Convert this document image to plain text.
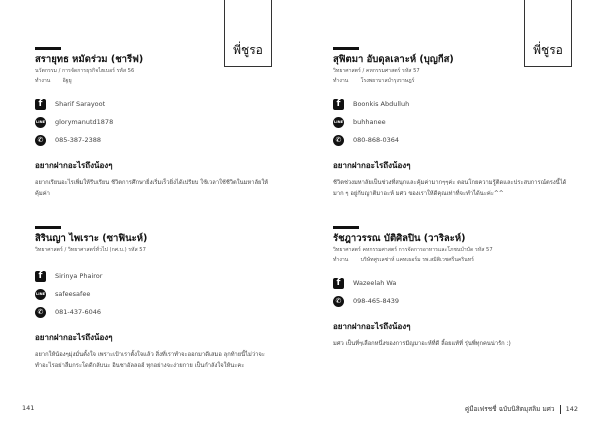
พี่ชูรอ
สรายุทธ หมัดร่วม (ชารีฟ)
นวัตกรรม / การจัดการธุรกิจไฮเบอร์ รหัส 56
ทำงาน อิฐยู
f	Sharif Sarayoot
LINE glorymanutd1878
✆	085-387-2388
อยากฝากอะไรถึงน้องๆ
อยากเรียนอะไรเพิ่มให้รีบเรียน ชีวิตการศึกษายิ่งเริ่มเร็วยิ่งได้เปรียบ ใช้เวลาใช้ชีวิตในมหาลัยให้คุ้มค่า
สิรินญา ไพเราะ (ซาฟินะห์)
วิทยาศาสตร์ / วิทยาศาสตร์ทั่วไป (กศ.บ.) รหัส 57
f	Sirinya Phairor
LINE safeesafee
✆	081-437-6046
อยากฝากอะไรถึงน้องๆ
อยากให้น้องๆมุ่งมั่นตั้งใจ เพราะเป้าเราตั้งใจแล้ว สิ่งที่เราทำจะออกมาดีเสมอ ลุกท้ายนี้ไม่ว่าจะทำอะไรอย่าลืมกระโดดีกลับนะ อินชาอัลลอฮ์ ทุกอย่างจะง่ายกาย เป็นกำลังใจให้นะคะ
141
พี่ชูรอ
สุฟิตมา อับดุลเลาะห์ (บุญกีส)
วิทยาศาสตร์ / คหกรรมศาสตร์ รหัส 57
ทำงาน โรงพยาบาลบำรุงราษฎร์
f	Boonkis Abdulluh
LINE buhhanee
✆	080-868-0364
อยากฝากอะไรถึงน้องๆ
ชีวิตช่วงมหาลัยเป็นช่วงที่สนุกและคุ้มค่ามากๆๆค่ะ ตอนโกยความรู้ติดและประสบการณ์ตรงนี้ได้มาก ๆ อยู่กับญาติมาอะห์ มศว ของเราให้ดีคุณเท่าที่จะทำได้นะค่ะ^^
รัชฎาวรรณ บัติศิลปิน (วาริละห์)
วิทยาศาสตร์ คหกรรมศาสตร์ การจัดการอาหารและโภชนบำบัด รหัส 57
ทำงาน บริษัทศูรเลซ่าห์ แคทเธอร์ม รพ.สมิติเวชศรีนครินทร์
f	Wazeelah Wa
✆	098-465-8439
อยากฝากอะไรถึงน้องๆ
มศว เป็นที่ๆเลือกหนึ่งของการมีญมาอะห์ที่ดี ลี้อยแท้ที่ รุ่นพี่ทุกคนน่ารัก :)
คู่มือเฟรชชี่ ฉบับนิสิตมุสลิม มศว 142
